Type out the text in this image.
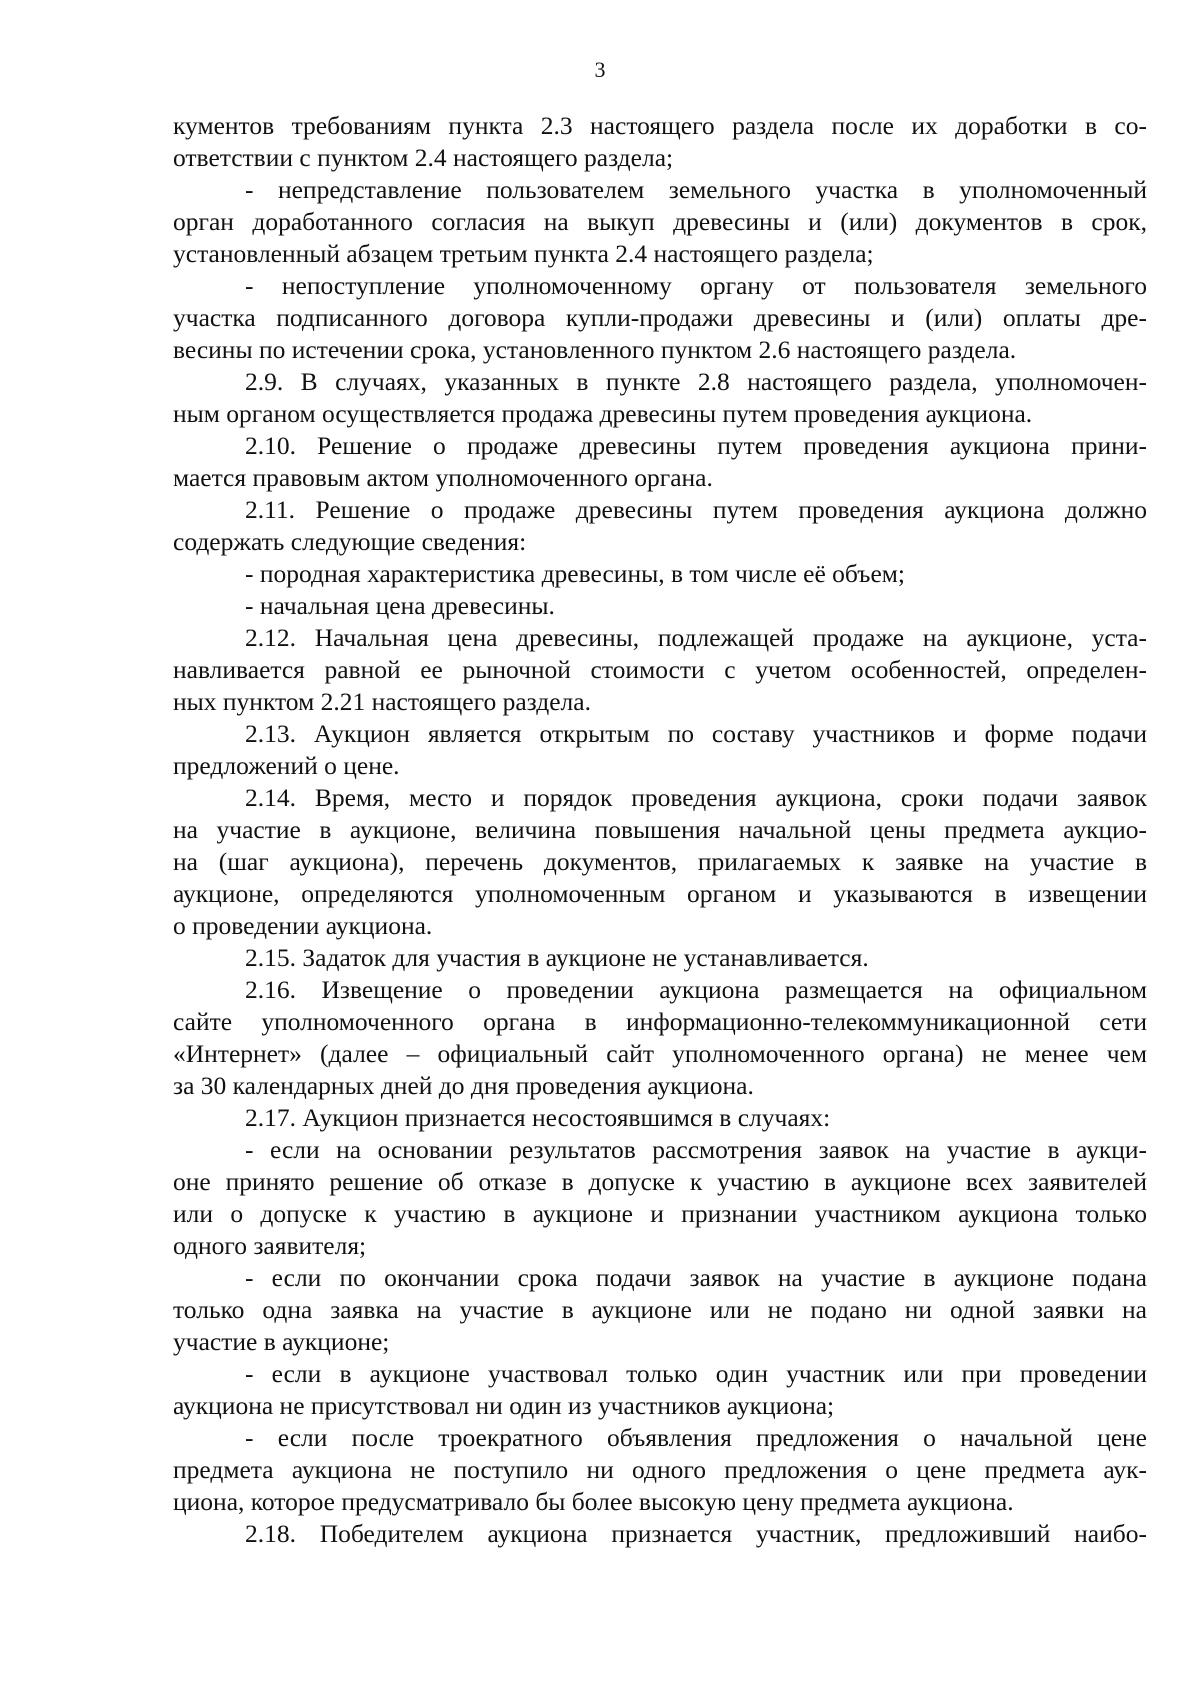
3
кументов требованиям пункта 2.3 настоящего раздела после их доработки в со-
ответствии с пунктом 2.4 настоящего раздела;
- непредставление пользователем земельного участка в уполномоченный
орган доработанного согласия на выкуп древесины и (или) документов в срок,
установленный абзацем третьим пункта 2.4 настоящего раздела;
- непоступление уполномоченному органу от пользователя земельного
участка подписанного договора купли-продажи древесины и (или) оплаты дре-
весины по истечении срока, установленного пунктом 2.6 настоящего раздела.
2.9. В случаях, указанных в пункте 2.8 настоящего раздела, уполномочен-
ным органом осуществляется продажа древесины путем проведения аукциона.
2.10. Решение о продаже древесины путем проведения аукциона прини-
мается правовым актом уполномоченного органа.
2.11. Решение о продаже древесины путем проведения аукциона должно
содержать следующие сведения:
- породная характеристика древесины, в том числе её объем;
- начальная цена древесины.
2.12. Начальная цена древесины, подлежащей продаже на аукционе, уста-
навливается равной ее рыночной стоимости с учетом особенностей, определен-
ных пунктом 2.21 настоящего раздела.
2.13. Аукцион является открытым по составу участников и форме подачи
предложений о цене.
2.14. Время, место и порядок проведения аукциона, сроки подачи заявок
на участие в аукционе, величина повышения начальной цены предмета аукцио-
на (шаг аукциона), перечень документов, прилагаемых к заявке на участие в
аукционе, определяются уполномоченным органом и указываются в извещении
о проведении аукциона.
2.15. Задаток для участия в аукционе не устанавливается.
2.16. Извещение о проведении аукциона размещается на официальном
сайте уполномоченного органа в информационно-телекоммуникационной сети
«Интернет» (далее – официальный сайт уполномоченного органа) не менее чем
за 30 календарных дней до дня проведения аукциона.
2.17. Аукцион признается несостоявшимся в случаях:
- если на основании результатов рассмотрения заявок на участие в аукци-
оне принято решение об отказе в допуске к участию в аукционе всех заявителей
или о допуске к участию в аукционе и признании участником аукциона только
одного заявителя;
- если по окончании срока подачи заявок на участие в аукционе подана
только одна заявка на участие в аукционе или не подано ни одной заявки на
участие в аукционе;
- если в аукционе участвовал только один участник или при проведении
аукциона не присутствовал ни один из участников аукциона;
- если после троекратного объявления предложения о начальной цене
предмета аукциона не поступило ни одного предложения о цене предмета аук-
циона, которое предусматривало бы более высокую цену предмета аукциона.
2.18. Победителем аукциона признается участник, предложивший наибо-
